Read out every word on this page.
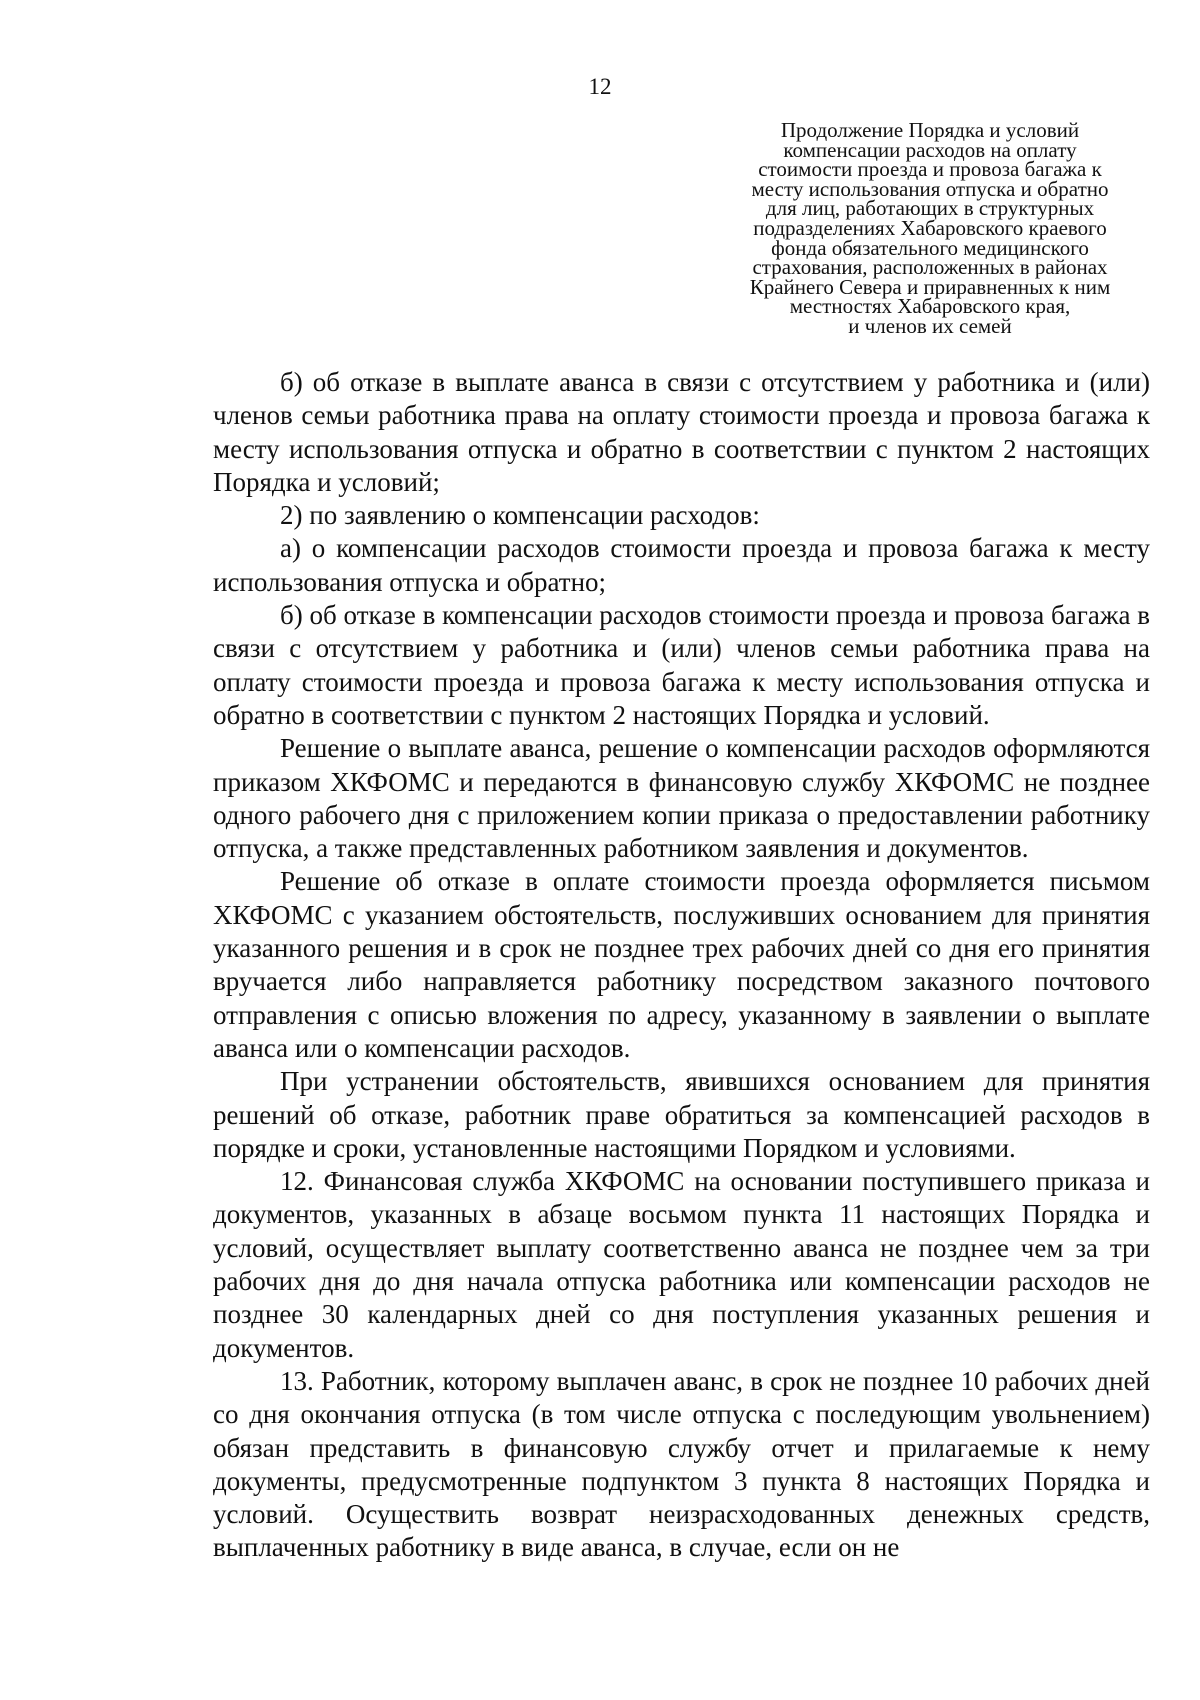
12
Продолжение Порядка и условий
компенсации расходов на оплату
стоимости проезда и провоза багажа к
месту использования отпуска и обратно
для лиц, работающих в структурных
подразделениях Хабаровского краевого
фонда обязательного медицинского
страхования, расположенных в районах
Крайнего Севера и приравненных к ним
местностях Хабаровского края,
и членов их семей

б) об отказе в выплате аванса в связи с отсутствием у работника и (или) членов семьи работника права на оплату стоимости проезда и провоза багажа к месту использования отпуска и обратно в соответствии с пунктом 2 настоящих Порядка и условий;

2) по заявлению о компенсации расходов:

а) о компенсации расходов стоимости проезда и провоза багажа к месту использования отпуска и обратно;

б) об отказе в компенсации расходов стоимости проезда и провоза багажа в связи с отсутствием у работника и (или) членов семьи работника права на оплату стоимости проезда и провоза багажа к месту использования отпуска и обратно в соответствии с пунктом 2 настоящих Порядка и условий.

Решение о выплате аванса, решение о компенсации расходов оформляются приказом ХКФОМС и передаются в финансовую службу ХКФОМС не позднее одного рабочего дня с приложением копии приказа о предоставлении работнику отпуска, а также представленных работником заявления и документов.

Решение об отказе в оплате стоимости проезда оформляется письмом ХКФОМС с указанием обстоятельств, послуживших основанием для принятия указанного решения и в срок не позднее трех рабочих дней со дня его принятия вручается либо направляется работнику посредством заказного почтового отправления с описью вложения по адресу, указанному в заявлении о выплате аванса или о компенсации расходов.

При устранении обстоятельств, явившихся основанием для принятия решений об отказе, работник праве обратиться за компенсацией расходов в порядке и сроки, установленные настоящими Порядком и условиями.

12. Финансовая служба ХКФОМС на основании поступившего приказа и документов, указанных в абзаце восьмом пункта 11 настоящих Порядка и условий, осуществляет выплату соответственно аванса не позднее чем за три рабочих дня до дня начала отпуска работника или компенсации расходов не позднее 30 календарных дней со дня поступления указанных решения и документов.

13. Работник, которому выплачен аванс, в срок не позднее 10 рабочих дней со дня окончания отпуска (в том числе отпуска с последующим увольнением) обязан представить в финансовую службу отчет и прилагаемые к нему документы, предусмотренные подпунктом 3 пункта 8 настоящих Порядка и условий. Осуществить возврат неизрасходованных денежных средств, выплаченных работнику в виде аванса, в случае, если он не
